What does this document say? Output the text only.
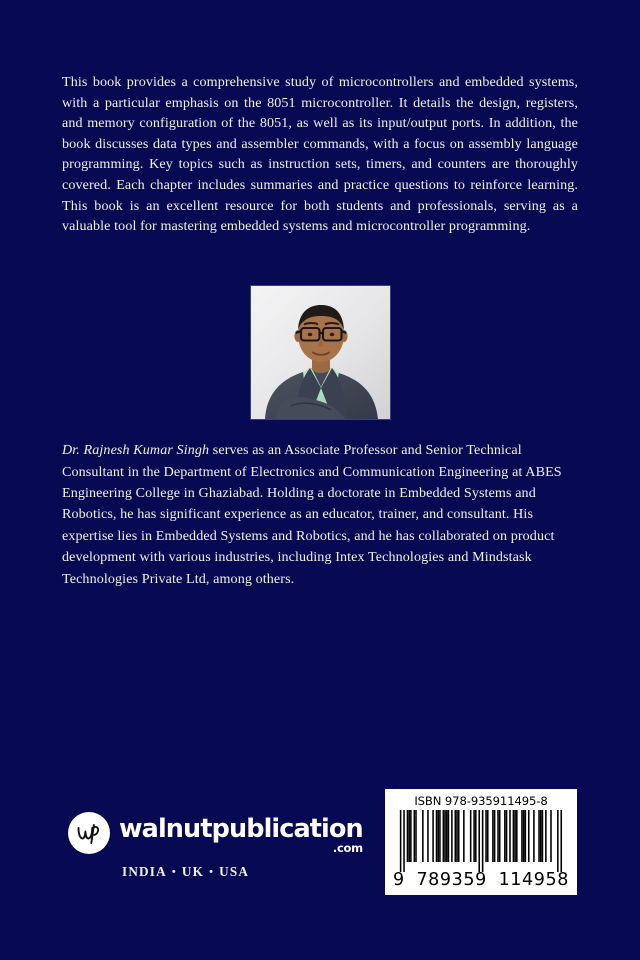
This book provides a comprehensive study of microcontrollers and embedded systems, with a particular emphasis on the 8051 microcontroller. It details the design, registers, and memory configuration of the 8051, as well as its input/output ports. In addition, the book discusses data types and assembler commands, with a focus on assembly language programming. Key topics such as instruction sets, timers, and counters are thoroughly covered. Each chapter includes summaries and practice questions to reinforce learning. This book is an excellent resource for both students and professionals, serving as a valuable tool for mastering embedded systems and microcontroller programming.

Dr. Rajnesh Kumar Singh serves as an Associate Professor and Senior Technical Consultant in the Department of Electronics and Communication Engineering at ABES Engineering College in Ghaziabad. Holding a doctorate in Embedded Systems and Robotics, he has significant experience as an educator, trainer, and consultant. His expertise lies in Embedded Systems and Robotics, and he has collaborated on product development with various industries, including Intex Technologies and Mindstask Technologies Private Ltd, among others.

walnutpublication
.com
INDIA • UK • USA
ISBN 978-935911495-8
9 789359 114958
